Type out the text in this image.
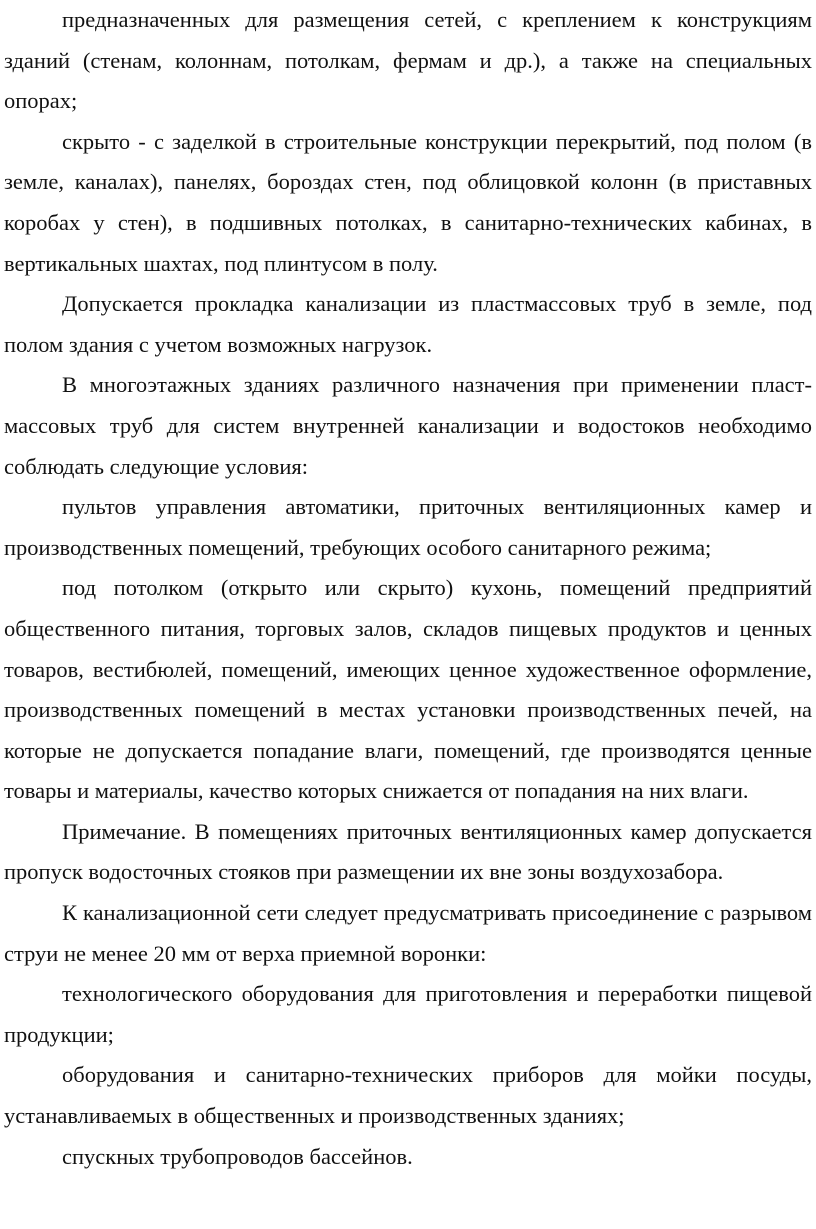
предназначенных для размещения сетей, с креплением к конструкциям зданий (стенам, колоннам, потолкам, фермам и др.), а также на специальных опорах;

скрыто - с заделкой в строительные конструкции перекрытий, под полом (в земле, каналах), панелях, бороздах стен, под облицовкой колонн (в приставных коробах у стен), в подшивных потолках, в санитарно-технических кабинах, в вертикальных шахтах, под плинтусом в полу.

Допускается прокладка канализации из пластмассовых труб в земле, под полом здания с учетом возможных нагрузок.

В многоэтажных зданиях различного назначения при применении пластмассовых труб для систем внутренней канализации и водостоков необходимо соблюдать следующие условия:

пультов управления автоматики, приточных вентиляционных камер и производственных помещений, требующих особого санитарного режима;

под потолком (открыто или скрыто) кухонь, помещений предприятий общественного питания, торговых залов, складов пищевых продуктов и ценных товаров, вестибюлей, помещений, имеющих ценное художественное оформление, производственных помещений в местах установки производственных печей, на которые не допускается попадание влаги, помещений, где производятся ценные товары и материалы, качество которых снижается от попадания на них влаги.

Примечание. В помещениях приточных вентиляционных камер допускается пропуск водосточных стояков при размещении их вне зоны воздухозабора.

К канализационной сети следует предусматривать присоединение с разрывом струи не менее 20 мм от верха приемной воронки:

технологического оборудования для приготовления и переработки пищевой продукции;

оборудования и санитарно-технических приборов для мойки посуды, устанавливаемых в общественных и производственных зданиях;

спускных трубопроводов бассейнов.
